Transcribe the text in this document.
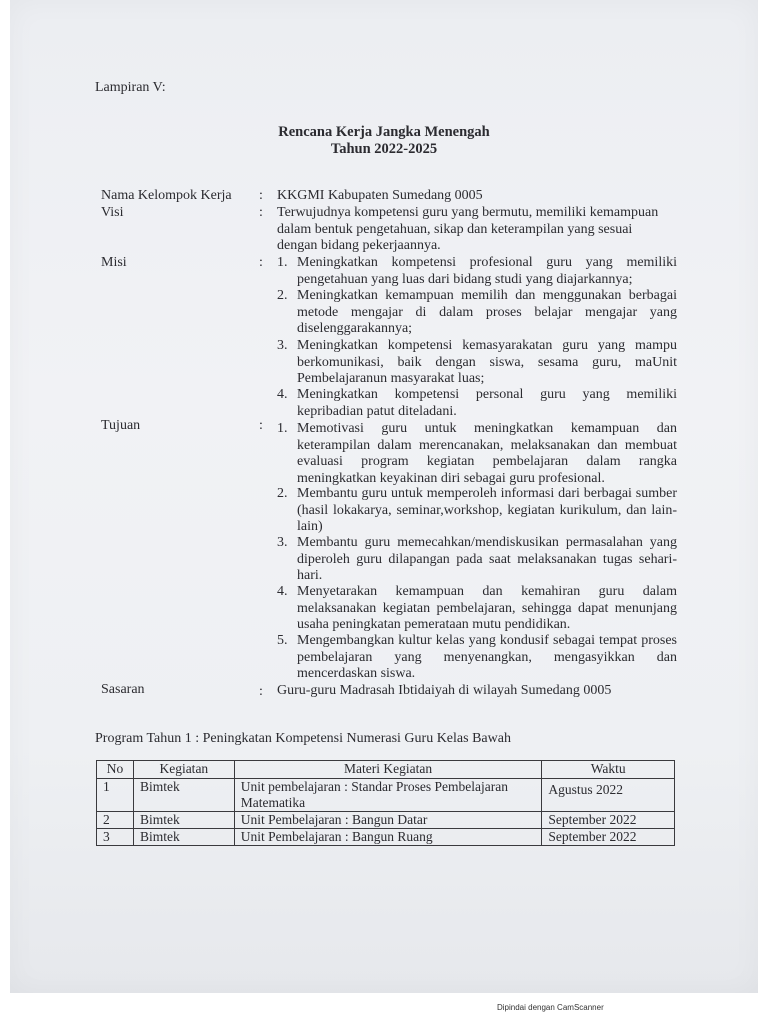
Lampiran V:
Rencana Kerja Jangka Menengah
Tahun 2022-2025
Nama Kelompok Kerja : KKGMI Kabupaten Sumedang 0005
Visi	: Terwujudnya kompetensi guru yang bermutu, memiliki kemampuan dalam bentuk pengetahuan, sikap dan keterampilan yang sesuai dengan bidang pekerjaannya.
Misi	: 1. Meningkatkan kompetensi profesional guru yang memiliki pengetahuan yang luas dari bidang studi yang diajarkannya;
2. Meningkatkan kemampuan memilih dan menggunakan berbagai metode mengajar di dalam proses belajar mengajar yang diselenggarakannya;
3. Meningkatkan kompetensi kemasyarakatan guru yang mampu berkomunikasi, baik dengan siswa, sesama guru, maUnit Pembelajaranun masyarakat luas;
4. Meningkatkan kompetensi personal guru yang memiliki kepribadian patut diteladani.
Tujuan	: 1. Memotivasi guru untuk meningkatkan kemampuan dan keterampilan dalam merencanakan, melaksanakan dan membuat evaluasi program kegiatan pembelajaran dalam rangka meningkatkan keyakinan diri sebagai guru profesional.
2. Membantu guru untuk memperoleh informasi dari berbagai sumber (hasil lokakarya, seminar,workshop, kegiatan kurikulum, dan lain-lain)
3. Membantu guru memecahkan/mendiskusikan permasalahan yang diperoleh guru dilapangan pada saat melaksanakan tugas sehari-hari.
4. Menyetarakan kemampuan dan kemahiran guru dalam melaksanakan kegiatan pembelajaran, sehingga dapat menunjang usaha peningkatan pemerataan mutu pendidikan.
5. Mengembangkan kultur kelas yang kondusif sebagai tempat proses pembelajaran yang menyenangkan, mengasyikkan dan mencerdaskan siswa.
Sasaran	: Guru-guru Madrasah Ibtidaiyah di wilayah Sumedang 0005
Program Tahun 1 : Peningkatan Kompetensi Numerasi Guru Kelas Bawah
No	Kegiatan	Materi Kegiatan	Waktu
1	Bimtek	Unit pembelajaran : Standar Proses Pembelajaran Matematika	Agustus 2022
2	Bimtek	Unit Pembelajaran : Bangun Datar	September 2022
3	Bimtek	Unit Pembelajaran : Bangun Ruang	September 2022
Dipindai dengan CamScanner
